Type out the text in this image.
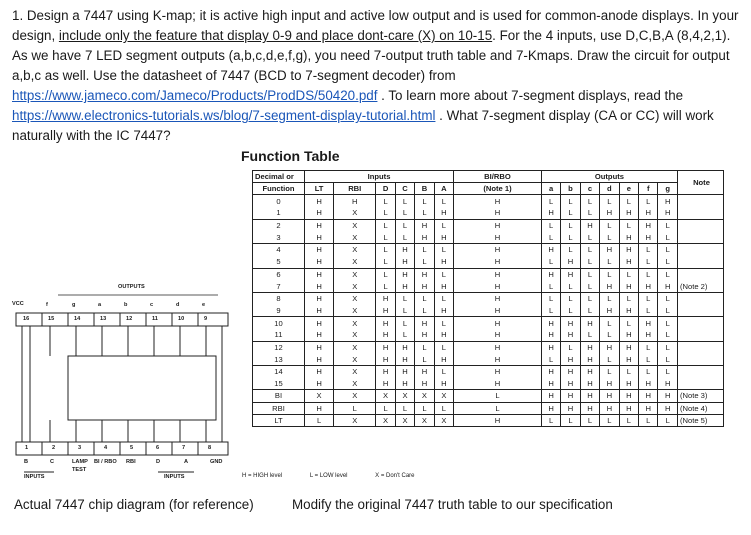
1. Design a 7447 using K-map; it is active high input and active low output and is used for common-anode displays. In your design, include only the feature that display 0-9 and place dont-care (X) on 10-15. For the 4 inputs, use D,C,B,A (8,4,2,1). As we have 7 LED segment outputs (a,b,c,d,e,f,g), you need 7-output truth table and 7-Kmaps. Draw the circuit for output a,b,c as well. Use the datasheet of 7447 (BCD to 7-segment decoder) from https://www.jameco.com/Jameco/Products/ProdDS/50420.pdf . To learn more about 7-segment displays, read the https://www.electronics-tutorials.ws/blog/7-segment-display-tutorial.html . What 7-segment display (CA or CC) will work naturally with the IC 7447?
Function Table
Decimal or	Inputs						BI/RBO	Outputs							Note
Function	LT	RBI	D	C	B	A	(Note 1)	a	b	c	d	e	f	g	
0	H	H	L	L	L	L	H	L	L	L	L	L	L	H	
1	H	X	L	L	L	H	H	H	L	L	H	H	H	H	
2	H	X	L	L	H	L	H	L	L	H	L	L	H	L	
3	H	X	L	L	H	H	H	L	L	L	L	H	H	L	
4	H	X	L	H	L	L	H	H	L	L	H	H	L	L	
5	H	X	L	H	L	H	H	L	H	L	L	H	L	L	
6	H	X	L	H	H	L	H	H	H	L	L	L	L	L	
7	H	X	L	H	H	H	H	L	L	L	H	H	H	H	(Note 2)
8	H	X	H	L	L	L	H	L	L	L	L	L	L	L	
9	H	X	H	L	L	H	H	L	L	L	H	H	L	L	
10	H	X	H	L	H	L	H	H	H	H	L	L	H	L	
11	H	X	H	L	H	H	H	H	H	L	L	H	H	L	
12	H	X	H	H	L	L	H	H	L	H	H	H	L	L	
13	H	X	H	H	L	H	H	L	H	H	L	H	L	L	
14	H	X	H	H	H	L	H	H	H	H	L	L	L	L	
15	H	X	H	H	H	H	H	H	H	H	H	H	H	H	
BI	X	X	X	X	X	X	L	H	H	H	H	H	H	H	(Note 3)
RBI	H	L	L	L	L	L	L	H	H	H	H	H	H	H	(Note 4)
LT	L	X	X	X	X	X	H	L	L	L	L	L	L	L	(Note 5)
H = HIGH level	L = LOW level	X = Don't Care
OUTPUTS
VCC	f	g	a	b	c	d	e
16	15	14	13	12	11	10	9
1	2	3	4	5	6	7	8
B	C	LAMP BI / RBO RBI	D	A	GND
TEST
INPUTS	INPUTS
Actual 7447 chip diagram (for reference)	Modify the original 7447 truth table to our specification
